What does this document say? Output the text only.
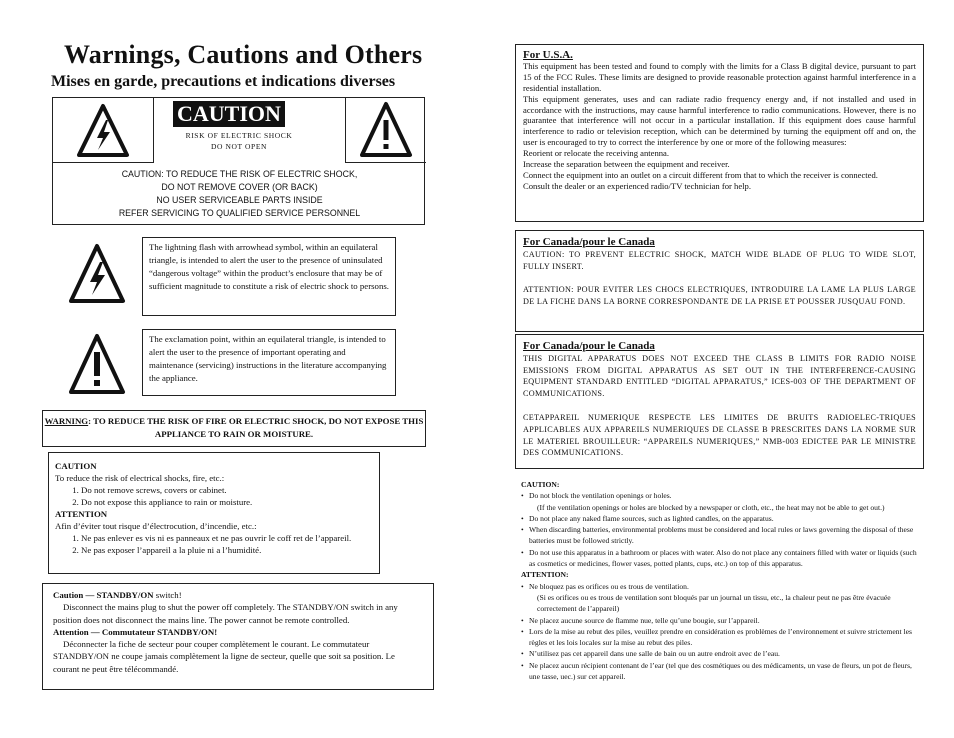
Warnings, Cautions and Others
Mises en garde, precautions et indications diverses
CAUTION
RISK OF ELECTRIC SHOCK
DO NOT OPEN
CAUTION: TO REDUCE THE RISK OF ELECTRIC SHOCK,
DO NOT REMOVE COVER (OR BACK)
NO USER SERVICEABLE PARTS INSIDE
REFER SERVICING TO QUALIFIED SERVICE PERSONNEL
The lightning flash with arrowhead symbol, within an equilateral triangle, is intended to alert the user to the presence of uninsulated “dangerous voltage” within the product’s enclosure that may be of sufficient magnitude to constitute a risk of electric shock to persons.
The exclamation point, within an equilateral triangle, is intended to alert the user to the presence of important operating and maintenance (servicing) instructions in the literature accompanying the appliance.
WARNING: TO REDUCE THE RISK OF FIRE OR ELECTRIC SHOCK, DO NOT EXPOSE THIS APPLIANCE TO RAIN OR MOISTURE.
CAUTION
To reduce the risk of electrical shocks, fire, etc.:
1. Do not remove screws, covers or cabinet.
2. Do not expose this appliance to rain or moisture.
ATTENTION
Afin d’éviter tout risque d’électrocution, d’incendie, etc.:
1. Ne pas enlever es vis ni es panneaux et ne pas ouvrir le coff ret de l’appareil.
2. Ne pas exposer l’appareil a la pluie ni a l’humidité.
Caution — STANDBY/ON switch!
Disconnect the mains plug to shut the power off completely. The STANDBY/ON switch in any position does not disconnect the mains line. The power cannot be remote controlled.
Attention — Commutateur STANDBY/ON!
Déconnecter la fiche de secteur pour couper complètement le courant. Le commutateur STANDBY/ON ne coupe jamais complètement la ligne de secteur, quelle que soit sa position. Le courant ne peut être télécommandé.
For U.S.A.
This equipment has been tested and found to comply with the limits for a Class B digital device, pursuant to part 15 of the FCC Rules. These limits are designed to provide reasonable protection against harmful interference in a residential installation.
This equipment generates, uses and can radiate radio frequency energy and, if not installed and used in accordance with the instructions, may cause harmful interference to radio communications. However, there is no guarantee that interference will not occur in a particular installation. If this equipment does cause harmful interference to radio or television reception, which can be determined by turning the equipment off and on, the user is encouraged to try to correct the interference by one or more of the following measures:
Reorient or relocate the receiving antenna.
Increase the separation between the equipment and receiver.
Connect the equipment into an outlet on a circuit different from that to which the receiver is connected.
Consult the dealer or an experienced radio/TV technician for help.
For Canada/pour le Canada
CAUTION: TO PREVENT ELECTRIC SHOCK, MATCH WIDE BLADE OF PLUG TO WIDE SLOT, FULLY INSERT.
ATTENTION: POUR EVITER LES CHOCS ELECTRIQUES, INTRODUIRE LA LAME LA PLUS LARGE DE LA FICHE DANS LA BORNE CORRESPONDANTE DE LA PRISE ET POUSSER JUSQUAU FOND.
For Canada/pour le Canada
THIS DIGITAL APPARATUS DOES NOT EXCEED THE CLASS B LIMITS FOR RADIO NOISE EMISSIONS FROM DIGITAL APPARATUS AS SET OUT IN THE INTERFERENCE-CAUSING EQUIPMENT STANDARD ENTITLED “DIGITAL APPARATUS,” ICES-003 OF THE DEPARTMENT OF COMMUNICATIONS.
CETAPPAREIL NUMERIQUE RESPECTE LES LIMITES DE BRUITS RADIOELEC-TRIQUES APPLICABLES AUX APPAREILS NUMERIQUES DE CLASSE B PRESCRITES DANS LA NORME SUR LE MATERIEL BROUILLEUR: “APPAREILS NUMERIQUES,” NMB-003 EDICTEE PAR LE MINISTRE DES COMMUNICATIONS.
CAUTION:
• Do not block the ventilation openings or holes.
(If the ventilation openings or holes are blocked by a newspaper or cloth, etc., the heat may not be able to get out.)
• Do not place any naked flame sources, such as lighted candles, on the apparatus.
• When discarding batteries, environmental problems must be considered and local rules or laws governing the disposal of these batteries must be followed strictly.
• Do not use this apparatus in a bathroom or places with water. Also do not place any containers filled with water or liquids (such as cosmetics or medicines, flower vases, potted plants, cups, etc.) on top of this apparatus.
ATTENTION:
• Ne bloquez pas es orifices ou es trous de ventilation.
(Si es orifices ou es trous de ventilation sont bloqués par un journal un tissu, etc., la chaleur peut ne pas être évacuée correctement de l’appareil)
• Ne placez aucune source de flamme nue, telle qu’une bougie, sur l’appareil.
• Lors de la mise au rebut des piles, veuillez prendre en considération es problèmes de l’environnement et suivre strictement les règles et les lois locales sur la mise au rebut des piles.
• N’utilisez pas cet appareil dans une salle de bain ou un autre endroit avec de l’eau.
• Ne placez aucun récipient contenant de l’ear (tel que des cosmétiques ou des médicaments, un vase de fleurs, un pot de fleurs, une tasse, uec.) sur cet appareil.
